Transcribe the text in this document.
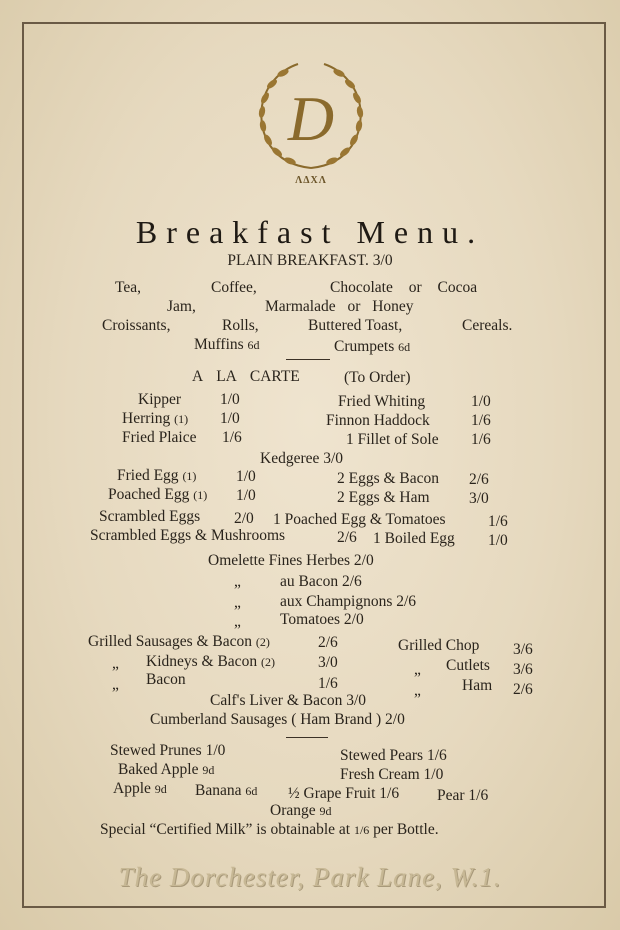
D
ΛΔΧΛ
Breakfast Menu.
PLAIN BREAKFAST. 3/0
Tea,	Coffee,	Chocolate or Cocoa
Jam,	Marmalade or Honey
Croissants,	Rolls,	Buttered Toast,	Cereals.
Muffins 6d	Crumpets 6d
A LA CARTE	(To Order)
Kipper	1/0
Herring (1) 1/0
Fried Plaice 1/6
Fried Whiting	1/0
Finnon Haddock	1/6
1 Fillet of Sole 1/6
Kedgeree 3/0
Fried Egg (1)	1/0
Poached Egg (1) 1/0
Scrambled Eggs 2/0
Scrambled Eggs & Mushrooms	2/6
2 Eggs & Bacon 2/6
2 Eggs & Ham	3/0
1 Poached Egg & Tomatoes	1/6
1 Boiled Egg 1/0
Omelette Fines Herbes 2/0
„	au Bacon 2/6
„	aux Champignons 2/6
„	Tomatoes 2/0
Grilled Sausages & Bacon (2)	2/6
„ Kidneys & Bacon (2)	3/0
„ Bacon	1/6
Grilled Chop 3/6
„ Cutlets 3/6
„	Ham 2/6
Calf's Liver & Bacon 3/0
Cumberland Sausages ( Ham Brand ) 2/0
Stewed Prunes 1/0
Baked Apple 9d
Stewed Pears 1/6
Fresh Cream 1/0
Apple 9d Banana 6d ½ Grape Fruit 1/6 Pear 1/6
Orange 9d
Special “Certified Milk” is obtainable at 1/6 per Bottle.
The Dorchester, Park Lane, W.1.
